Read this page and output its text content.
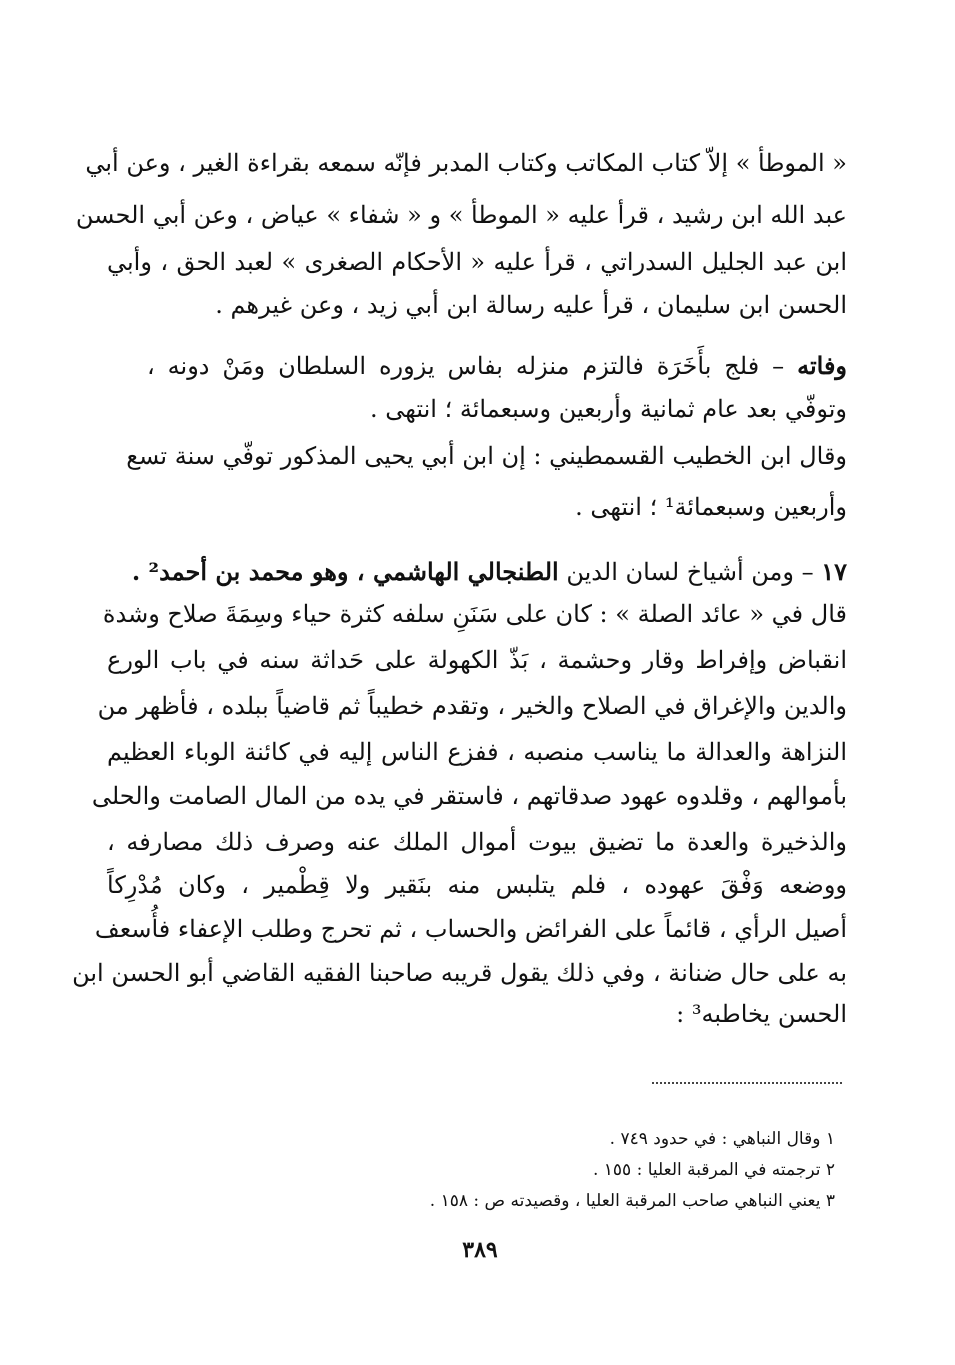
« الموطأ » إلاّ كتاب المكاتب وكتاب المدبر فإنّه سمعه بقراءة الغير ، وعن أبي
عبد الله ابن رشيد ، قرأ عليه « الموطأ » و « شفاء » عياض ، وعن أبي الحسن
ابن عبد الجليل السدراتي ، قرأ عليه « الأحكام الصغرى » لعبد الحق ، وأبي
الحسن ابن سليمان ، قرأ عليه رسالة ابن أبي زيد ، وعن غيرهم .
وفاته – فلج بأَخَرَة فالتزم منزله بفاس يزوره السلطان ومَنْ دونه ،
وتوفّي بعد عام ثمانية وأربعين وسبعمائة ؛ انتهى .
وقال ابن الخطيب القسمطيني : إن ابن أبي يحيى المذكور توفّي سنة تسع
وأربعين وسبعمائة¹ ؛ انتهى .
١٧ – ومن أشياخ لسان الدين الطنجالي الهاشمي ، وهو محمد بن أحمد² .
قال في « عائد الصلة » : كان على سَنَنِ سلفه كثرة حياء وسِمَةَ صلاح وشدة
انقباض وإفراط وقار وحشمة ، بَذّ الكهولة على حَداثة سنه في باب الورع
والدين والإغراق في الصلاح والخير ، وتقدم خطيباً ثم قاضياً ببلده ، فأظهر من
النزاهة والعدالة ما يناسب منصبه ، ففزع الناس إليه في كائنة الوباء العظيم
بأموالهم ، وقلدوه عهود صدقاتهم ، فاستقر في يده من المال الصامت والحلى
والذخيرة والعدة ما تضيق بيوت أموال الملك عنه وصرف ذلك مصارفه ،
ووضعه وَفْقَ عهوده ، فلم يتلبس منه بنَقير ولا قِطْمير ، وكان مُدْرِكاً
أصيل الرأي ، قائماً على الفرائض والحساب ، ثم تحرج وطلب الإعفاء فأُسعف
به على حال ضنانة ، وفي ذلك يقول قريبه صاحبنا الفقيه القاضي أبو الحسن ابن
الحسن يخاطبه³ :
١ وقال النباهي : في حدود ٧٤٩ .
٢ ترجمته في المرقبة العليا : ١٥٥ .
٣ يعني النباهي صاحب المرقبة العليا ، وقصيدته ص : ١٥٨ .
٣٨٩
